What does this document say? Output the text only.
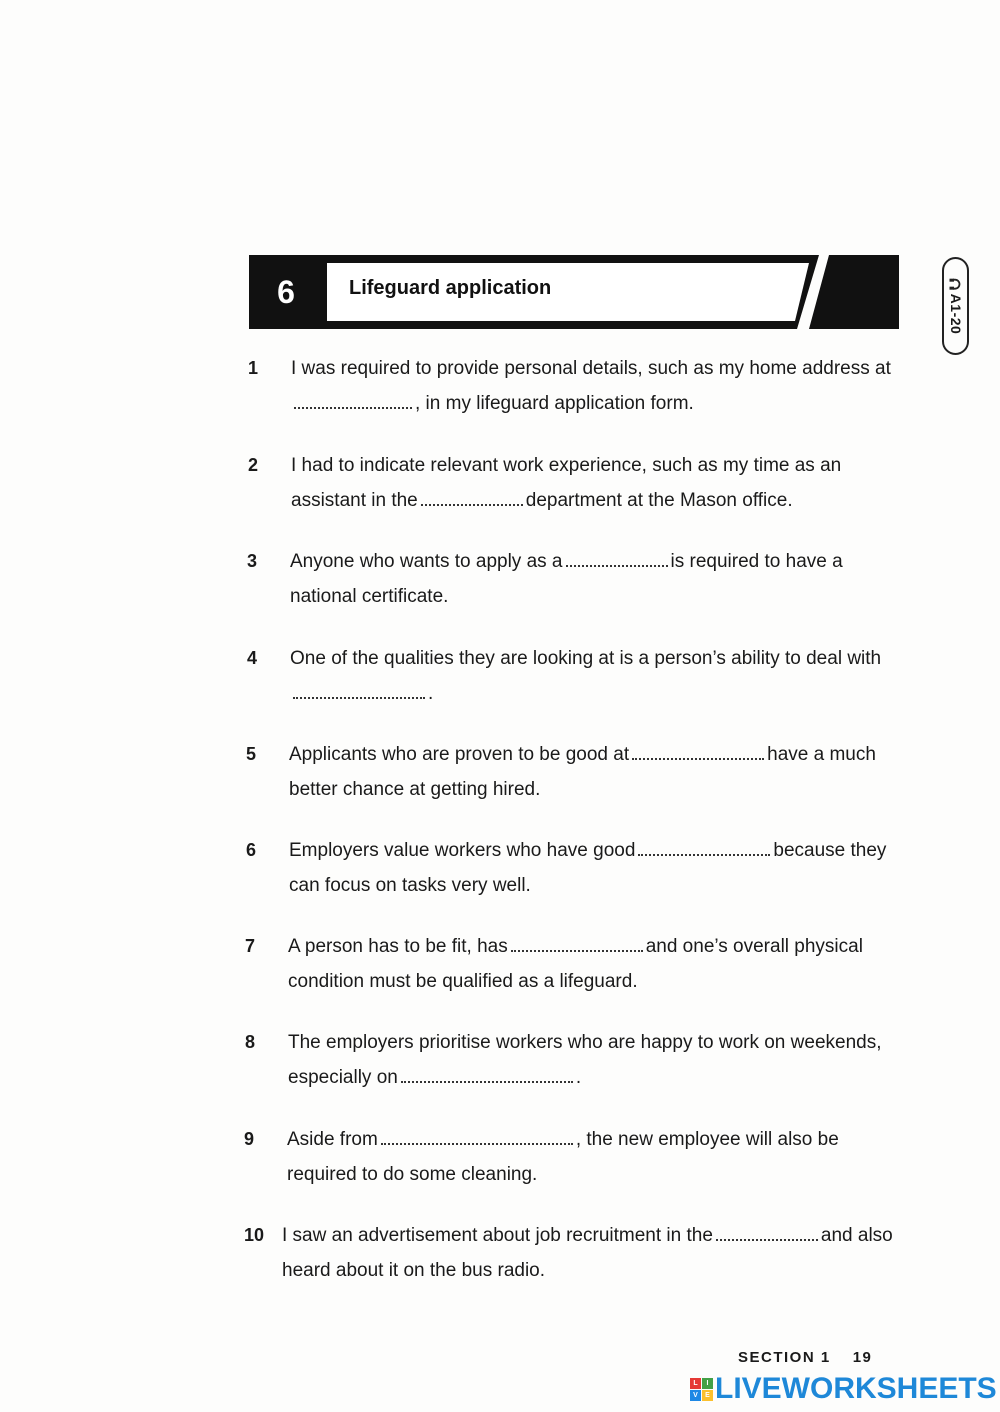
6	Lifeguard application
A1-20
1	I was required to provide personal details, such as my home address at, in my lifeguard application form.
2	I had to indicate relevant work experience, such as my time as an assistant in the	department at the Mason office.
3	Anyone who wants to apply as a	is required to have a national certificate.
4	One of the qualities they are looking at is a person’s ability to deal with.
5	Applicants who are proven to be good at	have a much better chance at getting hired.
6	Employers value workers who have good	because they can focus on tasks very well.
7	A person has to be fit, has	and one’s overall physical condition must be qualified as a lifeguard.
8	The employers prioritise workers who are happy to work on weekends, especially on	.
9	Aside from	, the new employee will also be required to do some cleaning.
10 I saw an advertisement about job recruitment in the	and also heard about it on the bus radio.
SECTION 1 19
L	I
V	E LIVEWORKSHEETS
